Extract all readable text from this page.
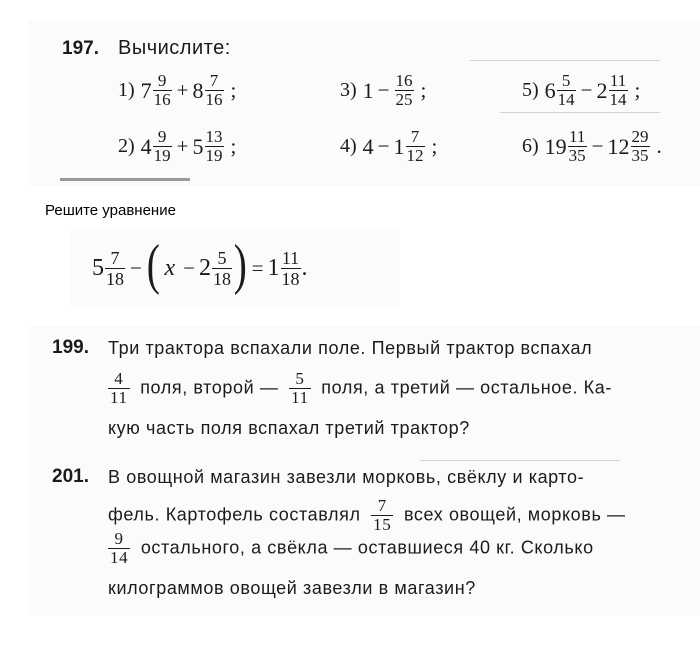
197. Вычислите:
1) $7 \frac{9}{16} + 8 \frac{7}{16}$ ;	3) $1 - \frac{16}{25}$ ;	5) $6 \frac{5}{14} - 2 \frac{11}{14}$ ;
2) $4 \frac{9}{19} + 5 \frac{13}{19}$ ;	4) $4 - 1 \frac{7}{12}$ ;	6) $19 \frac{11}{35} - 12 \frac{29}{35}$ .
Решите уравнение
$5 \frac{7}{18}$ − ( $x - 2 \frac{5}{18}$ ) = $1 \frac{11}{18}$ .
199. Три трактора вспахали поле. Первый трактор вспахал
$\frac{4}{11}$ поля, второй — $\frac{5}{11}$ поля, а третий — остальное. Ка-
кую часть поля вспахал третий трактор?
201. В овощной магазин завезли морковь, свёклу и карто-
фель. Картофель составлял $\frac{7}{15}$ всех овощей, морковь —
$\frac{9}{14}$ остального, а свёкла — оставшиеся 40 кг. Сколько
килограммов овощей завезли в магазин?
